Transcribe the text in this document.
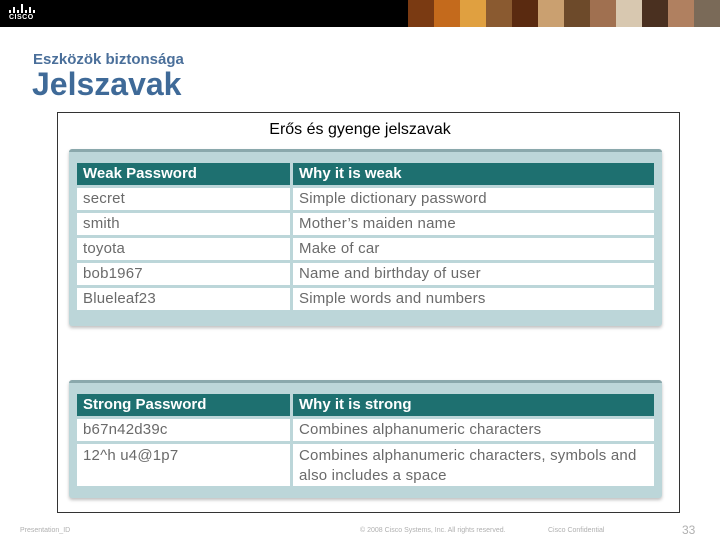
CISCO
Eszközök biztonsága
Jelszavak
Erős és gyenge jelszavak
Weak Password	Why it is weak
secret	Simple dictionary password
smith	Mother’s maiden name
toyota	Make of car
bob1967	Name and birthday of user
Blueleaf23	Simple words and numbers
Strong Password	Why it is strong
b67n42d39c	Combines alphanumeric characters
12^h u4@1p7	Combines alphanumeric characters, symbols and also includes a space
Presentation_ID	© 2008 Cisco Systems, Inc. All rights reserved.	Cisco Confidential	33
